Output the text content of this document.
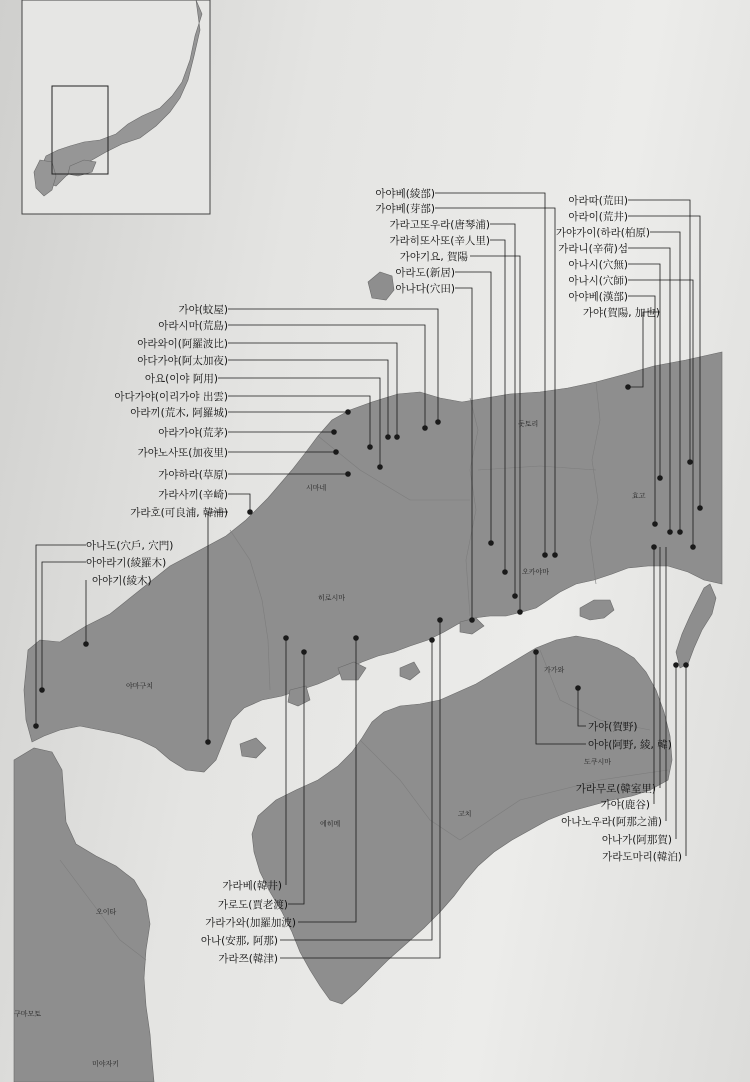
돗토리
효고
시마네
오카야마
히로시마
야마구치
가가와
도쿠시마
에히메
고치
오이타
구마모토
미야자키
아야베(綾部)
가야베(芽部)
가라고또우라(唐琴浦)
가라히또사또(辛人里)
가야기요, 賀陽
아라도(新居)
아나다(穴田)
아라따(荒田)
아라이(荒井)
가야가이(하라(柏原)
가라니(辛荷)섬
아나시(穴無)
아나시(穴師)
아야베(漢部)
가야(賀陽, 加也)
가야(蚊屋)
아라시마(荒島)
아라와이(阿羅波比)
아다가야(阿太加夜)
아요(이야 阿用)
아다가야(이리가야 出雲)
아라끼(荒木, 阿羅城)
아라가야(荒茅)
가야노사또(加夜里)
가야하라(草原)
가라사끼(辛崎)
가라호(可良浦, 韓浦)
아나도(穴戶, 穴門)
아아라기(綾羅木)
아야기(綾木)
가야(賀野)
아야(阿野, 綾, 韓)
가라무로(韓室里)
가야(鹿谷)
아나노우라(阿那之浦)
아나가(阿那賀)
가라도마리(韓泊)
가라베(韓井)
가로도(賈老渡)
가라가와(加羅加波)
아나(安那, 阿那)
가라쯔(韓津)
